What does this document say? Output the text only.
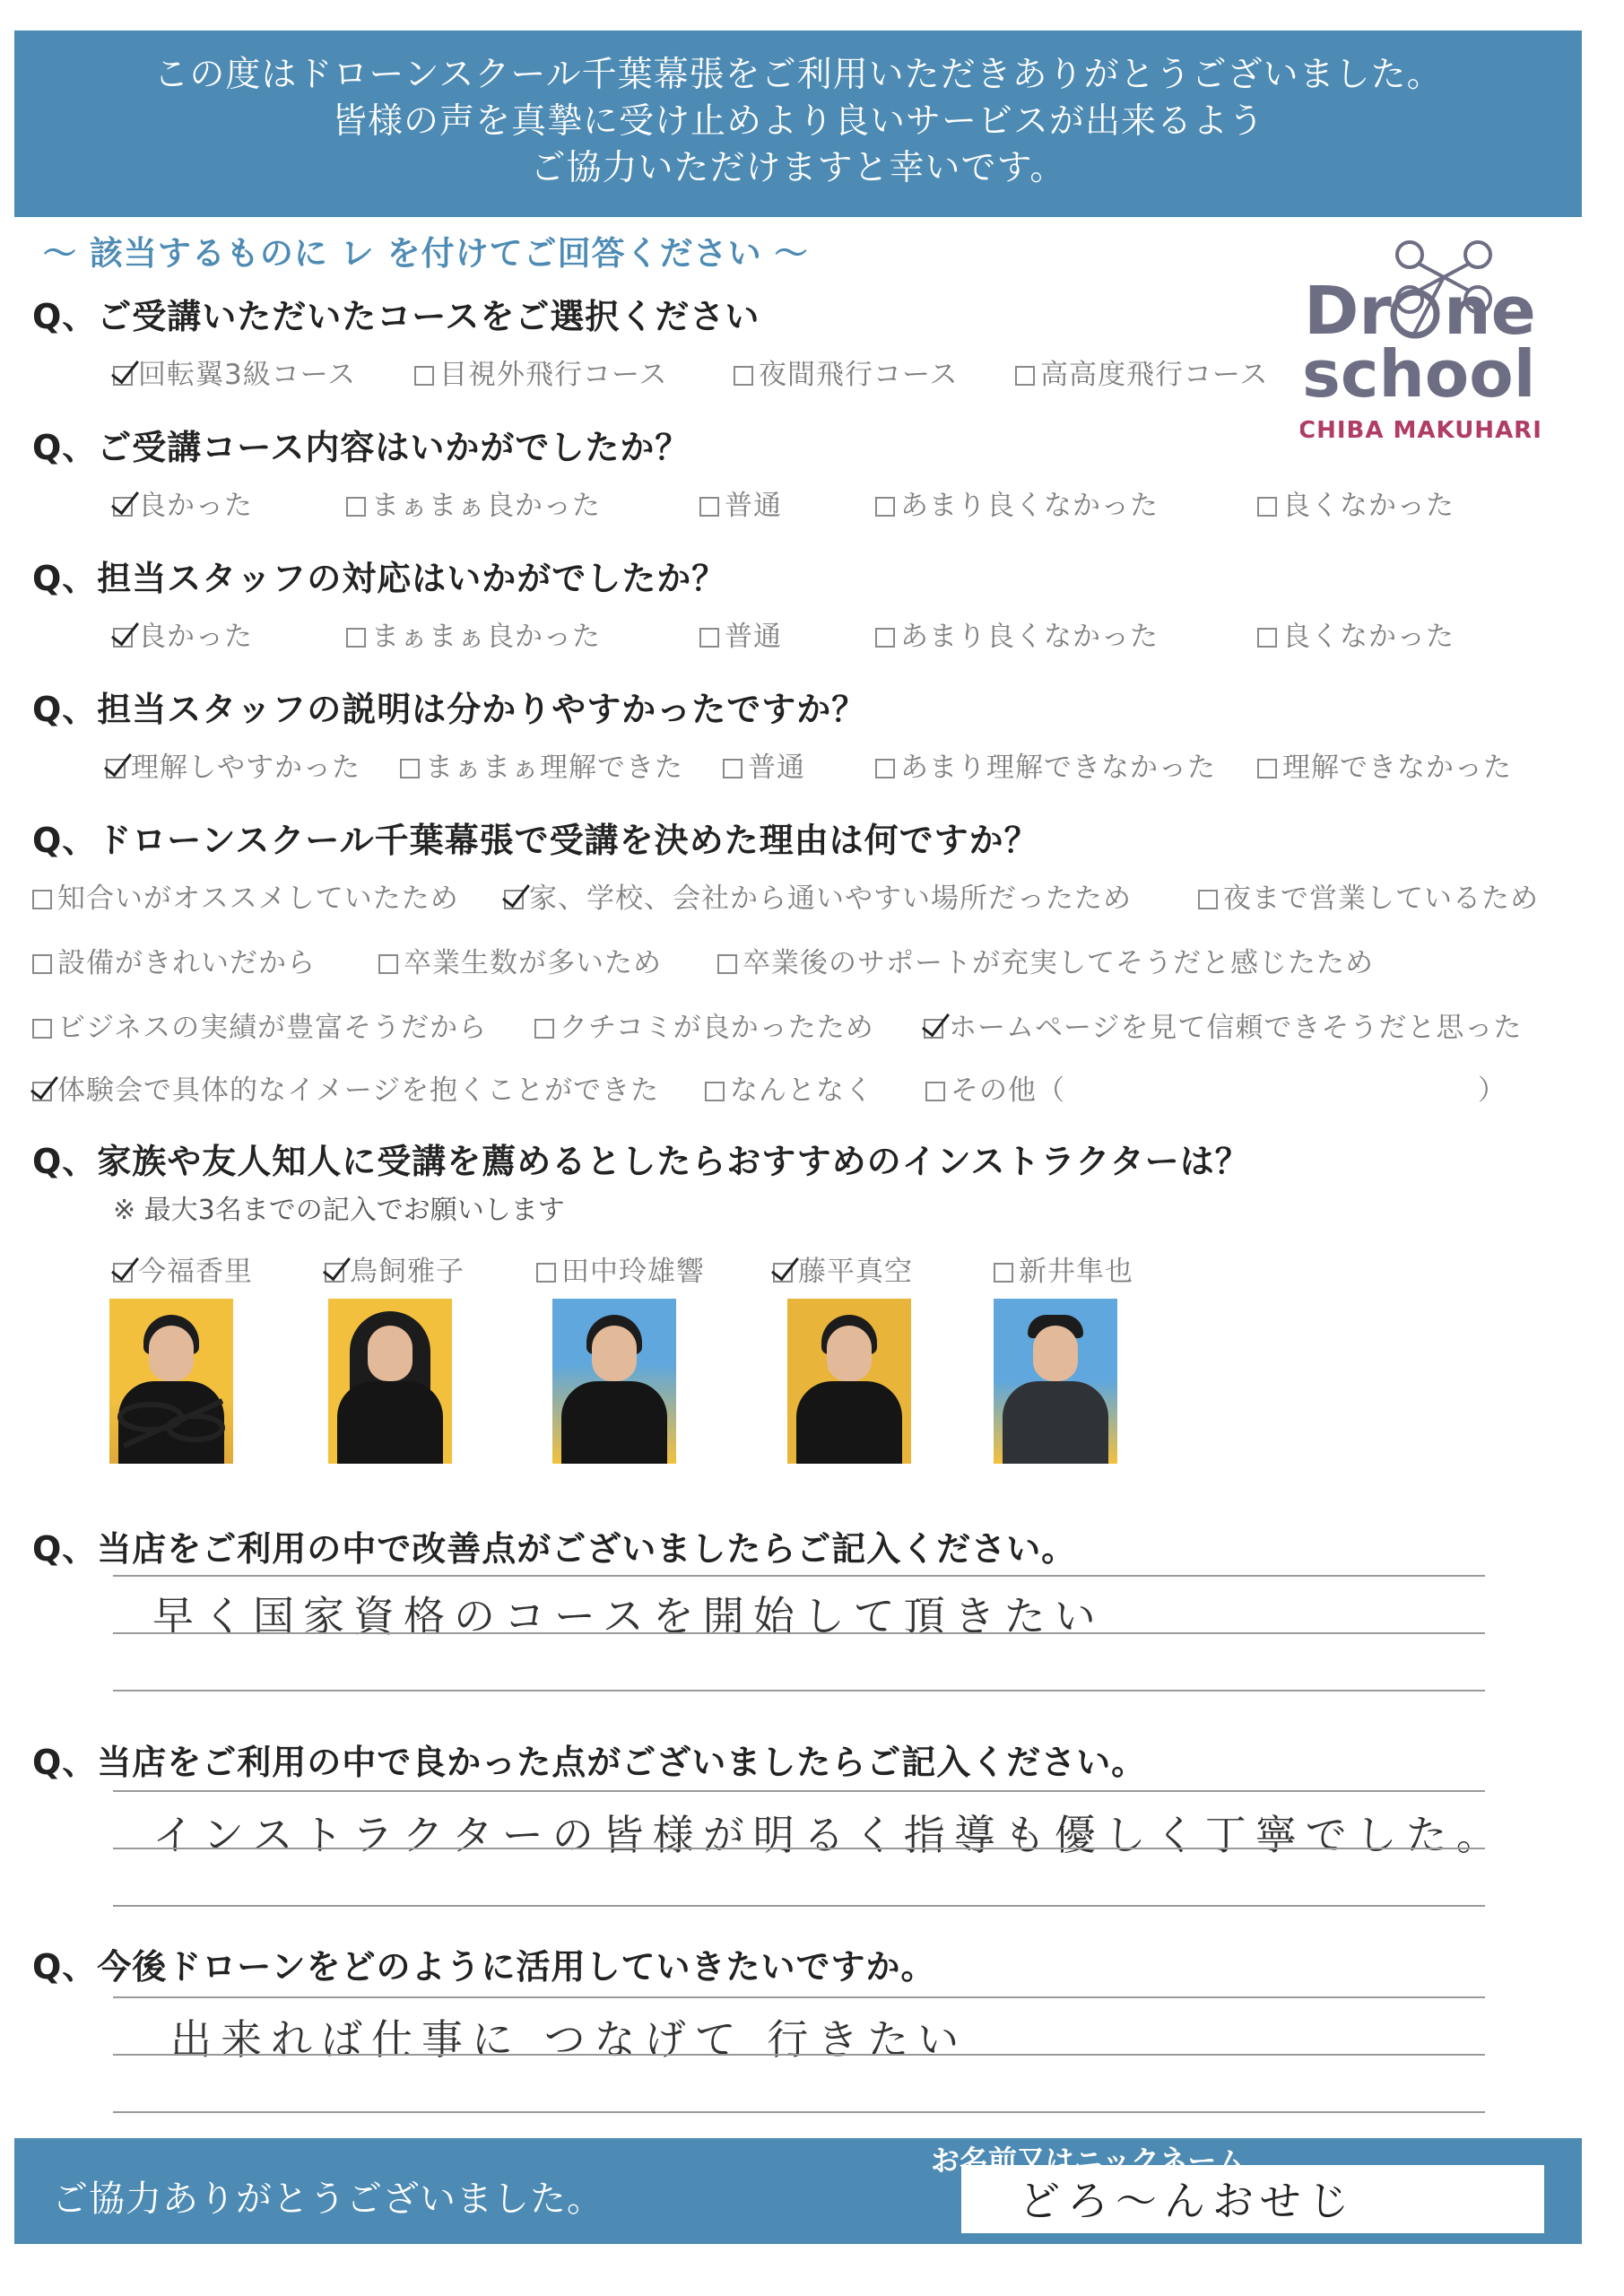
この度はドローンスクール千葉幕張をご利用いただきありがとうございました。
皆様の声を真摯に受け止めより良いサービスが出来るよう
ご協力いただけますと幸いです。
～ 該当するものに レ を付けてご回答ください ～
Dr ne
school
CHIBA MAKUHARI
Q、ご受講いただいたコースをご選択ください
回転翼3級コース	目視外飛行コース	夜間飛行コース	高高度飛行コース
Q、ご受講コース内容はいかがでしたか？
良かった	まぁまぁ良かった	普通	あまり良くなかった	良くなかった
Q、担当スタッフの対応はいかがでしたか？
良かった	まぁまぁ良かった	普通	あまり良くなかった	良くなかった
Q、担当スタッフの説明は分かりやすかったですか？
理解しやすかった	まぁまぁ理解できた	普通	あまり理解できなかった	理解できなかった
Q、ドローンスクール千葉幕張で受講を決めた理由は何ですか？
知合いがオススメしていたため	家、学校、会社から通いやすい場所だったため	夜まで営業しているため
設備がきれいだから	卒業生数が多いため	卒業後のサポートが充実してそうだと感じたため
ビジネスの実績が豊富そうだから	クチコミが良かったため	ホームページを見て信頼できそうだと思った
体験会で具体的なイメージを抱くことができた	なんとなく	その他（	）
Q、家族や友人知人に受講を薦めるとしたらおすすめのインストラクターは？
※ 最大3名までの記入でお願いします
今福香里	鳥飼雅子	田中玲雄響	藤平真空	新井隼也
Q、当店をご利用の中で改善点がございましたらご記入ください。
早く国家資格のコースを開始して頂きたい
Q、当店をご利用の中で良かった点がございましたらご記入ください。
インストラクターの皆様が明るく指導も優しく丁寧でした。
Q、今後ドローンをどのように活用していきたいですか。
出来れば仕事に つなげて 行きたい
ご協力ありがとうございました。
お名前又はニックネーム
どろ～んおせじ
